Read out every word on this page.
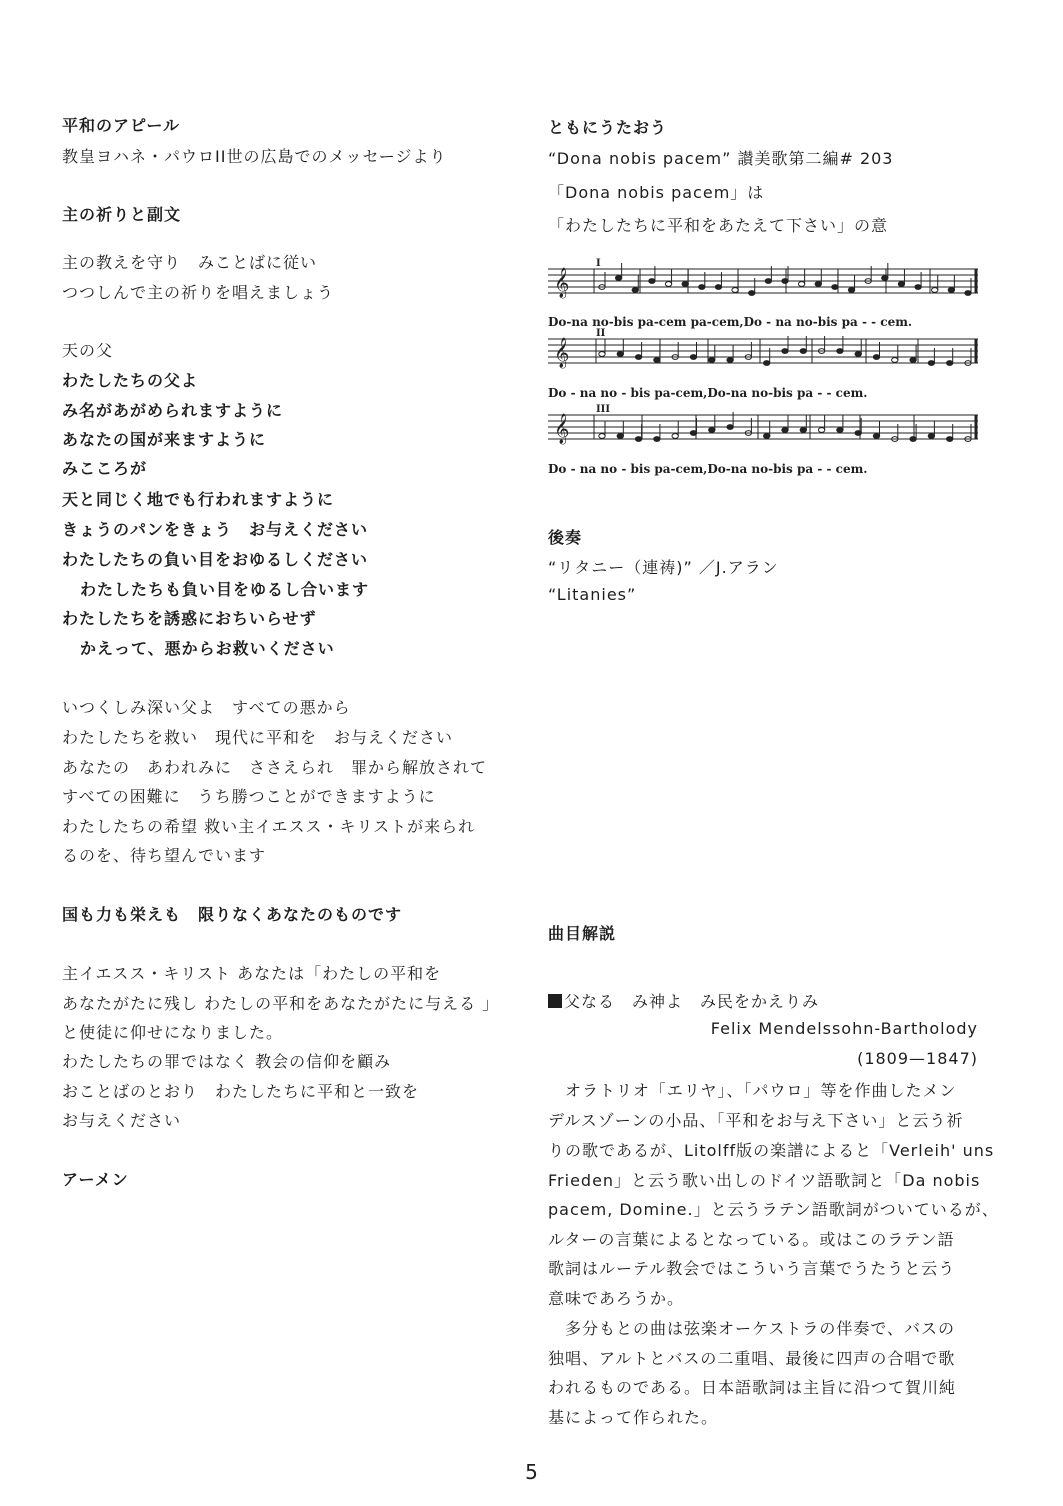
平和のアピール
教皇ヨハネ・パウロII世の広島でのメッセージより
主の祈りと副文
主の教えを守り　みことばに従い
つつしんで主の祈りを唱えましょう
天の父
わたしたちの父よ
み名があがめられますように
あなたの国が来ますように
みこころが
天と同じく地でも行われますように
きょうのパンをきょう　お与えください
わたしたちの負い目をおゆるしください
わたしたちも負い目をゆるし合います
わたしたちを誘惑におちいらせず
かえって、悪からお救いください
いつくしみ深い父よ　すべての悪から
わたしたちを救い　現代に平和を　お与えください
あなたの　あわれみに　ささえられ　罪から解放されて
すべての困難に　うち勝つことができますように
わたしたちの希望 救い主イエスス・キリストが来られ
るのを、待ち望んでいます
国も力も栄えも　限りなくあなたのものです
主イエスス・キリスト あなたは「わたしの平和を
あなたがたに残し わたしの平和をあなたがたに与える 」
と使徒に仰せになりました。
わたしたちの罪ではなく 教会の信仰を顧み
おことばのとおり　わたしたちに平和と一致を
お与えください
アーメン
ともにうたおう
“Dona nobis pacem” 讃美歌第二編# 203
「Dona nobis pacem」は
「わたしたちに平和をあたえて下さい」の意
後奏
“リタニー（連祷)” ／J.アラン
“Litanies”
曲目解説
父なる　み神よ　み民をかえりみ
Felix Mendelssohn-Bartholody
(1809—1847)
　オラトリオ「エリヤ」、「パウロ」等を作曲したメン
デルスゾーンの小品、「平和をお与え下さい」と云う祈
りの歌であるが、Litolff版の楽譜によると「Verleih' uns
Frieden」と云う歌い出しのドイツ語歌詞と「Da nobis
pacem, Domine.」と云うラテン語歌詞がついているが、
ルターの言葉によるとなっている。或はこのラテン語
歌詞はルーテル教会ではこういう言葉でうたうと云う
意味であろうか。
　多分もとの曲は弦楽オーケストラの伴奏で、バスの
独唱、アルトとバスの二重唱、最後に四声の合唱で歌
われるものである。日本語歌詞は主旨に沿つて賀川純
基によって作られた。
𝄞
I
𝄞
II
𝄞
III
Do-na no-bis pa-cem pa-cem,Do - na no-bis pa - - cem.
Do - na no - bis pa-cem,Do-na no-bis pa - - cem.
Do - na no - bis pa-cem,Do-na no-bis pa - - cem.
5
